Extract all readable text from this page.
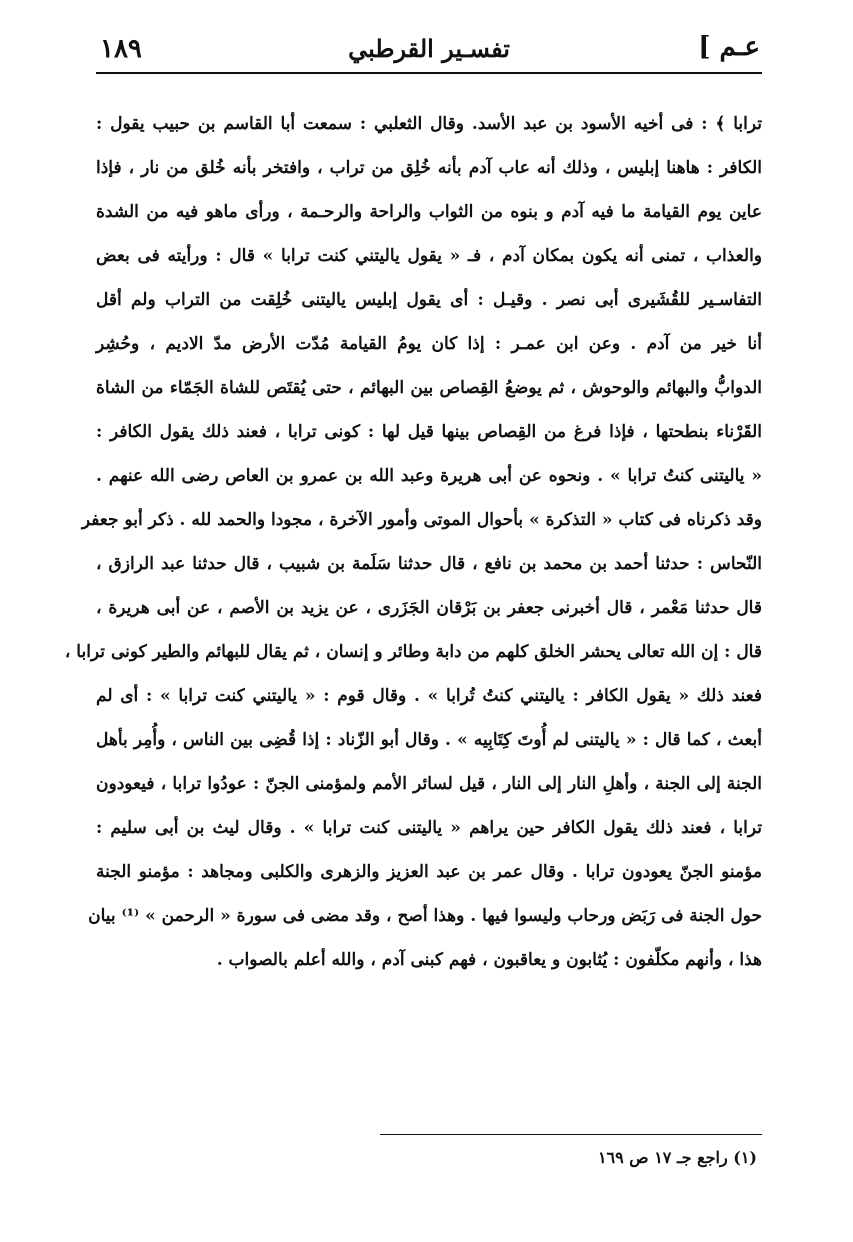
١٨٩	تفسـير القرطبي	عـم ]
ترابا ﴾ : فى أخيه الأسود بن عبد الأسد. وقال الثعلبي : سمعت أبا القاسم بن حبيب يقول :
الكافر : هاهنا إبليس ، وذلك أنه عاب آدم بأنه خُلِق من تراب ، وافتخر بأنه خُلق من نار ، فإذا
عاين يوم القيامة ما فيه آدم و بنوه من الثواب والراحة والرحـمة ، ورأى ماهو فيه من الشدة
والعذاب ، تمنى أنه يكون بمكان آدم ، فـ « يقول ياليتني كنت ترابا » قال : ورأيته فى بعض
التفاسـير للقُشَيرى أبى نصر . وقيـل : أى يقول إبليس ياليتنى خُلِقت من التراب ولم أقل
أنا خير من آدم . وعن ابن عمـر : إذا كان يومُ القيامة مُدّت الأرض مدّ الاديم ، وحُشِر
الدوابُّ والبهائم والوحوش ، ثم يوضعُ القِصاص بين البهائم ، حتى يُقتَص للشاة الجَمّاء من الشاة
القَرْناء بنطحتها ، فإذا فرغ من القِصاص بينها قيل لها : كونى ترابا ، فعند ذلك يقول الكافر :
« ياليتنى كنتُ ترابا » . ونحوه عن أبى هريرة وعبد الله بن عمرو بن العاص رضى الله عنهم .
وقد ذكرناه فى كتاب « التذكرة » بأحوال الموتى وأمور الآخرة ، مجودا والحمد لله . ذكر أبو جعفر
النّحاس : حدثنا أحمد بن محمد بن نافع ، قال حدثنا سَلَمة بن شبيب ، قال حدثنا عبد الرازق ،
قال حدثنا مَعْمر ، قال أخبرنى جعفر بن بَرْقان الجَزَرى ، عن يزيد بن الأصم ، عن أبى هريرة ،
قال : إن الله تعالى يحشر الخلق كلهم من دابة وطائر و إنسان ، ثم يقال للبهائم والطير كونى ترابا ،
فعند ذلك « يقول الكافر : ياليتني كنتُ تُرابا » . وقال قوم : « ياليتني كنت ترابا » : أى لم
أبعث ، كما قال : « ياليتنى لم أُوتَ كِتَابِيه » . وقال أبو الزّناد : إذا قُضِى بين الناس ، وأُمِر بأهل
الجنة إلى الجنة ، وأهلِ النار إلى النار ، قيل لسائر الأمم ولمؤمنى الجنّ : عودُوا ترابا ، فيعودون
ترابا ، فعند ذلك يقول الكافر حين يراهم « ياليتنى كنت ترابا » . وقال ليث بن أبى سليم :
مؤمنو الجنّ يعودون ترابا . وقال عمر بن عبد العزيز والزهرى والكلبى ومجاهد : مؤمنو الجنة
حول الجنة فى رَبَض ورحاب وليسوا فيها . وهذا أصح ، وقد مضى فى سورة « الرحمن » ⁽¹⁾ بيان
هذا ، وأنهم مكلّفون : يُثابون و يعاقبون ، فهم كبنى آدم ، والله أعلم بالصواب .
(١) راجع جـ ١٧ ص ١٦٩
